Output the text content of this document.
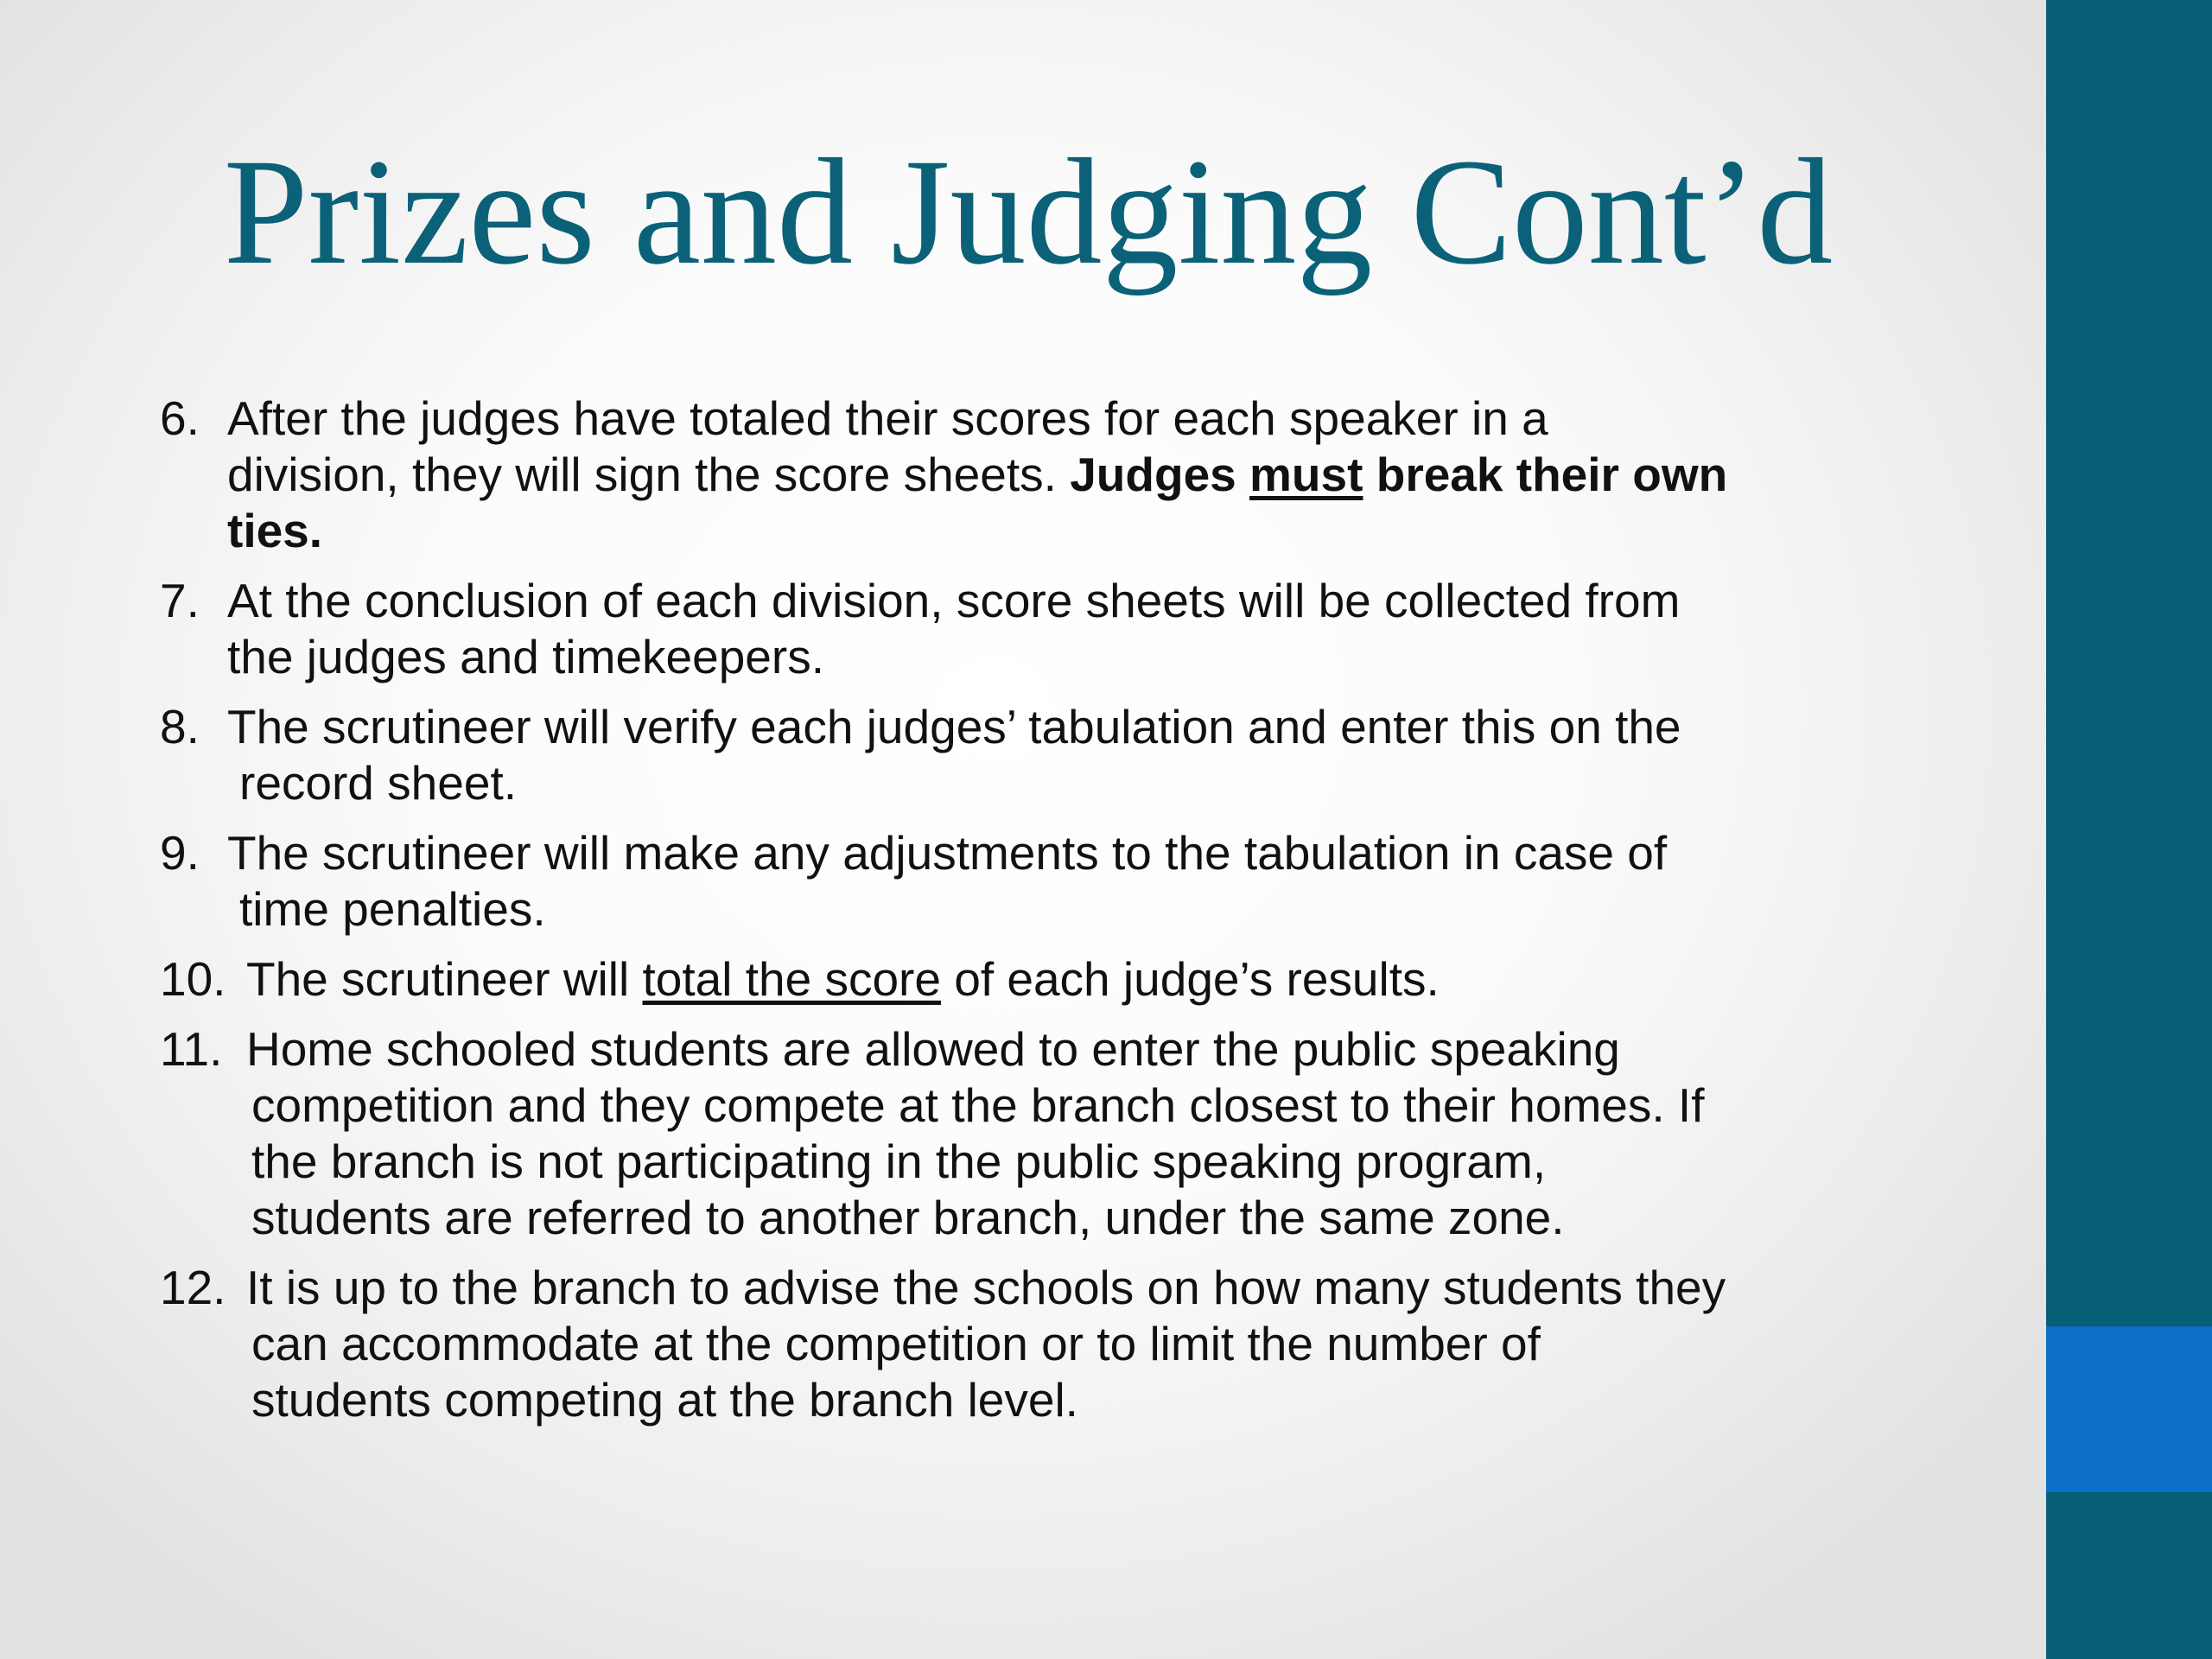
Prizes and Judging Cont’d
6. After the judges have totaled their scores for each speaker in a
division, they will sign the score sheets. Judges must break their own
ties.
7. At the conclusion of each division, score sheets will be collected from
the judges and timekeepers.
8. The scrutineer will verify each judges’ tabulation and enter this on the
record sheet.
9. The scrutineer will make any adjustments to the tabulation in case of
time penalties.
10. The scrutineer will total the score of each judge’s results.
11. Home schooled students are allowed to enter the public speaking
competition and they compete at the branch closest to their homes. If
the branch is not participating in the public speaking program,
students are referred to another branch, under the same zone.
12. It is up to the branch to advise the schools on how many students they
can accommodate at the competition or to limit the number of
students competing at the branch level.
